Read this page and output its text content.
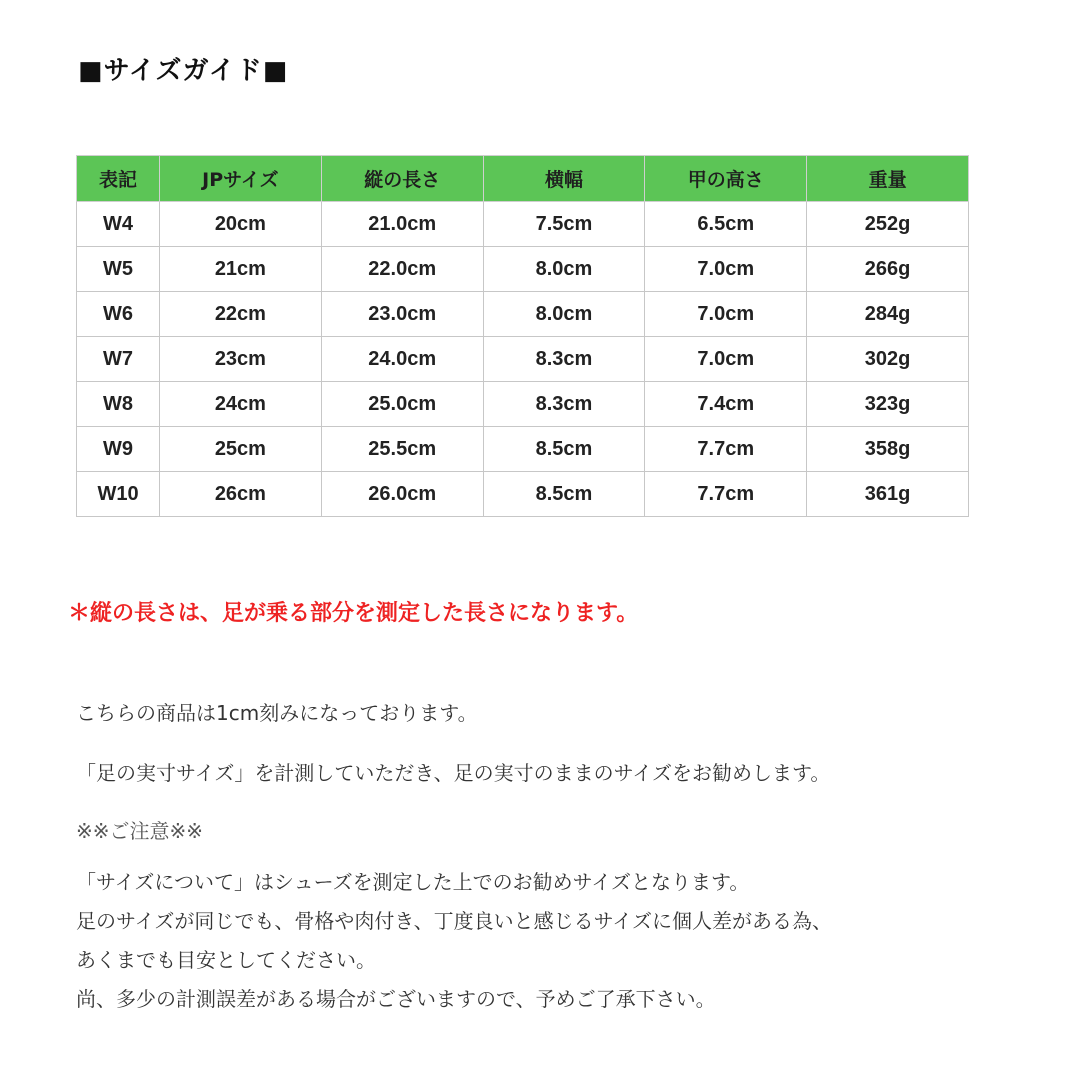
■サイズガイド■
表記	JPサイズ	縦の長さ	横幅	甲の高さ	重量
W4	20cm	21.0cm	7.5cm	6.5cm	252g
W5	21cm	22.0cm	8.0cm	7.0cm	266g
W6	22cm	23.0cm	8.0cm	7.0cm	284g
W7	23cm	24.0cm	8.3cm	7.0cm	302g
W8	24cm	25.0cm	8.3cm	7.4cm	323g
W9	25cm	25.5cm	8.5cm	7.7cm	358g
W10	26cm	26.0cm	8.5cm	7.7cm	361g
＊縦の長さは、足が乗る部分を測定した長さになります。
こちらの商品は1cm刻みになっております。
「足の実寸サイズ」を計測していただき、足の実寸のままのサイズをお勧めします。
※※ご注意※※
「サイズについて」はシューズを測定した上でのお勧めサイズとなります。
足のサイズが同じでも、骨格や肉付き、丁度良いと感じるサイズに個人差がある為、
あくまでも目安としてください。
尚、多少の計測誤差がある場合がございますので、予めご了承下さい。
